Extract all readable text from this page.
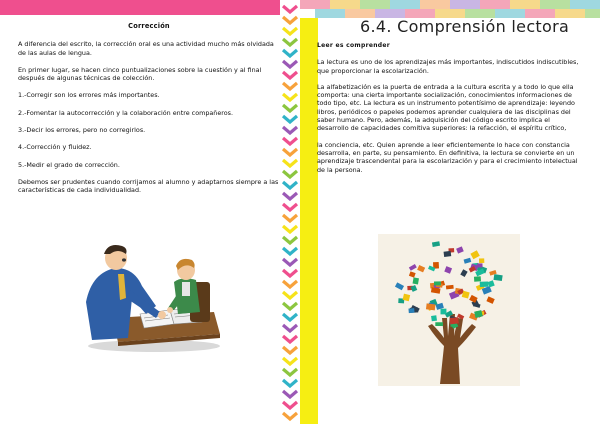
Corrección

A diferencia del escrito, la corrección oral es una actividad mucho más olvidada de las aulas de lengua.

En primer lugar, se hacen cinco puntualizaciones sobre la cuestión y al final después de algunas técnicas de colección.

1.-Corregir son los errores más importantes.

2.-Fomentar la autocorrección y la colaboración entre compañeros.

3.-Decir los errores, pero no corregirlos.

4.-Corrección y fluidez.

5.-Medir el grado de corrección.

Debemos ser prudentes cuando corrijamos al alumno y adaptarnos siempre a las características de cada individualidad.

6.4. Comprensión lectora
Leer es comprender

La lectura es uno de los aprendizajes más importantes, indiscutidos indiscutibles, que proporcionar la escolarización.

La alfabetización es la puerta de entrada a la cultura escrita y a todo lo que ella comporta: una cierta importante socialización, conocimientos informaciones de todo tipo, etc. La lectura es un instrumento potentísimo de aprendizaje: leyendo libros, periódicos o papeles podemos aprender cualquiera de las disciplinas del saber humano. Pero, además, la adquisición del código escrito implica el desarrollo de capacidades comitiva superiores: la refacción, el espíritu crítico,

la conciencia, etc. Quien aprende a leer eficientemente lo hace con constancia desarrolla, en parte, su pensamiento. En definitiva, la lectura se convierte en un aprendizaje trascendental para la escolarización y para el crecimiento intelectual de la persona.
